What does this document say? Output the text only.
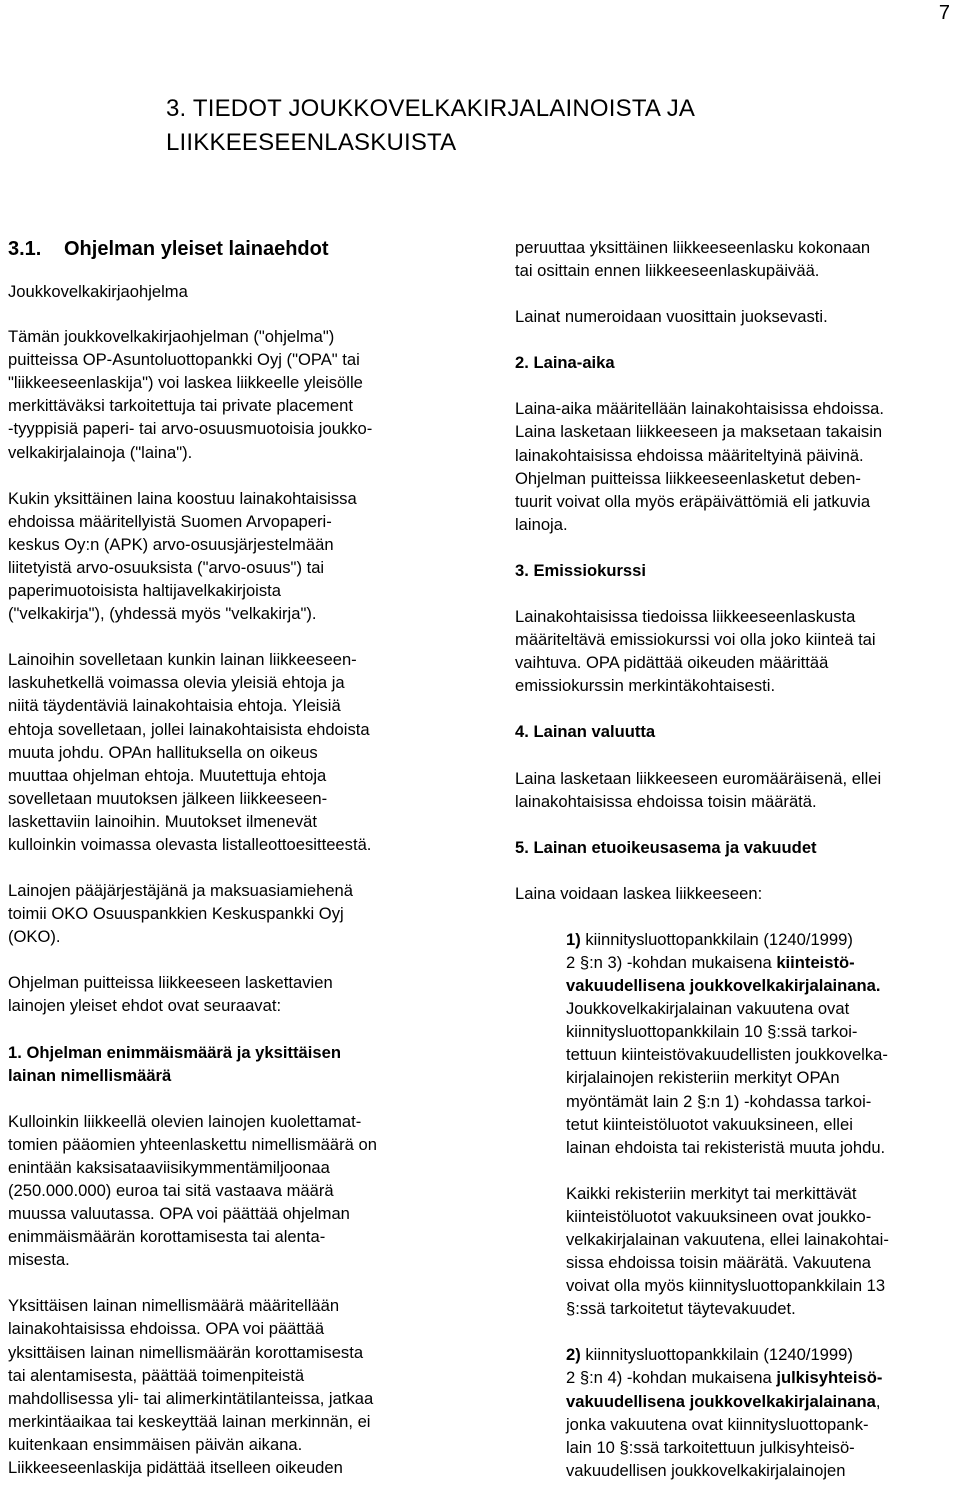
7
3. TIEDOT JOUKKOVELKAKIRJALAINOISTA JA
LIIKKEESEENLASKUISTA
3.1. Ohjelman yleiset lainaehdot
Joukkovelkakirjaohjelma

Tämän joukkovelkakirjaohjelman ("ohjelma")
puitteissa OP-Asuntoluottopankki Oyj ("OPA" tai
"liikkeeseenlaskija") voi laskea liikkeelle yleisölle
merkittäväksi tarkoitettuja tai private placement
-tyyppisiä paperi- tai arvo-osuusmuotoisia joukko-
velkakirjalainoja ("laina").

Kukin yksittäinen laina koostuu lainakohtaisissa
ehdoissa määritellyistä Suomen Arvopaperi-
keskus Oy:n (APK) arvo-osuusjärjestelmään
liitetyistä arvo-osuuksista ("arvo-osuus") tai
paperimuotoisista haltijavelkakirjoista
("velkakirja"), (yhdessä myös "velkakirja").

Lainoihin sovelletaan kunkin lainan liikkeeseen-
laskuhetkellä voimassa olevia yleisiä ehtoja ja
niitä täydentäviä lainakohtaisia ehtoja. Yleisiä
ehtoja sovelletaan, jollei lainakohtaisista ehdoista
muuta johdu. OPAn hallituksella on oikeus
muuttaa ohjelman ehtoja. Muutettuja ehtoja
sovelletaan muutoksen jälkeen liikkeeseen-
laskettaviin lainoihin. Muutokset ilmenevät
kulloinkin voimassa olevasta listalleottoesitteestä.

Lainojen pääjärjestäjänä ja maksuasiamiehenä
toimii OKO Osuuspankkien Keskuspankki Oyj
(OKO).

Ohjelman puitteissa liikkeeseen laskettavien
lainojen yleiset ehdot ovat seuraavat:

1. Ohjelman enimmäismäärä ja yksittäisen
lainan nimellismäärä

Kulloinkin liikkeellä olevien lainojen kuolettamat-
tomien pääomien yhteenlaskettu nimellismäärä on
enintään kaksisataaviisikymmentämiljoonaa
(250.000.000) euroa tai sitä vastaava määrä
muussa valuutassa. OPA voi päättää ohjelman
enimmäismäärän korottamisesta tai alenta-
misesta.

Yksittäisen lainan nimellismäärä määritellään
lainakohtaisissa ehdoissa. OPA voi päättää
yksittäisen lainan nimellismäärän korottamisesta
tai alentamisesta, päättää toimenpiteistä
mahdollisessa yli- tai alimerkintätilanteissa, jatkaa
merkintäaikaa tai keskeyttää lainan merkinnän, ei
kuitenkaan ensimmäisen päivän aikana.
Liikkeeseenlaskija pidättää itselleen oikeuden

peruuttaa yksittäinen liikkeeseenlasku kokonaan
tai osittain ennen liikkeeseenlaskupäivää.

Lainat numeroidaan vuosittain juoksevasti.

2. Laina-aika

Laina-aika määritellään lainakohtaisissa ehdoissa.
Laina lasketaan liikkeeseen ja maksetaan takaisin
lainakohtaisissa ehdoissa määriteltyinä päivinä.
Ohjelman puitteissa liikkeeseenlasketut deben-
tuurit voivat olla myös eräpäivättömiä eli jatkuvia
lainoja.

3. Emissiokurssi

Lainakohtaisissa tiedoissa liikkeeseenlaskusta
määriteltävä emissiokurssi voi olla joko kiinteä tai
vaihtuva. OPA pidättää oikeuden määrittää
emissiokurssin merkintäkohtaisesti.

4. Lainan valuutta

Laina lasketaan liikkeeseen euromääräisenä, ellei
lainakohtaisissa ehdoissa toisin määrätä.

5. Lainan etuoikeusasema ja vakuudet

Laina voidaan laskea liikkeeseen:

1) kiinnitysluottopankkilain (1240/1999)
2 §:n 3) -kohdan mukaisena kiinteistö-
vakuudellisena joukkovelkakirjalainana.
Joukkovelkakirjalainan vakuutena ovat
kiinnitysluottopankkilain 10 §:ssä tarkoi-
tettuun kiinteistövakuudellisten joukkovelka-
kirjalainojen rekisteriin merkityt OPAn
myöntämät lain 2 §:n 1) -kohdassa tarkoi-
tetut kiinteistöluotot vakuuksineen, ellei
lainan ehdoista tai rekisteristä muuta johdu.

Kaikki rekisteriin merkityt tai merkittävät
kiinteistöluotot vakuuksineen ovat joukko-
velkakirjalainan vakuutena, ellei lainakohtai-
sissa ehdoissa toisin määrätä. Vakuutena
voivat olla myös kiinnitysluottopankkilain 13
§:ssä tarkoitetut täytevakuudet.

2) kiinnitysluottopankkilain (1240/1999)
2 §:n 4) -kohdan mukaisena julkisyhteisö-
vakuudellisena joukkovelkakirjalainana,
jonka vakuutena ovat kiinnitysluottopank-
lain 10 §:ssä tarkoitettuun julkisyhteisö-
vakuudellisen joukkovelkakirjalainojen
